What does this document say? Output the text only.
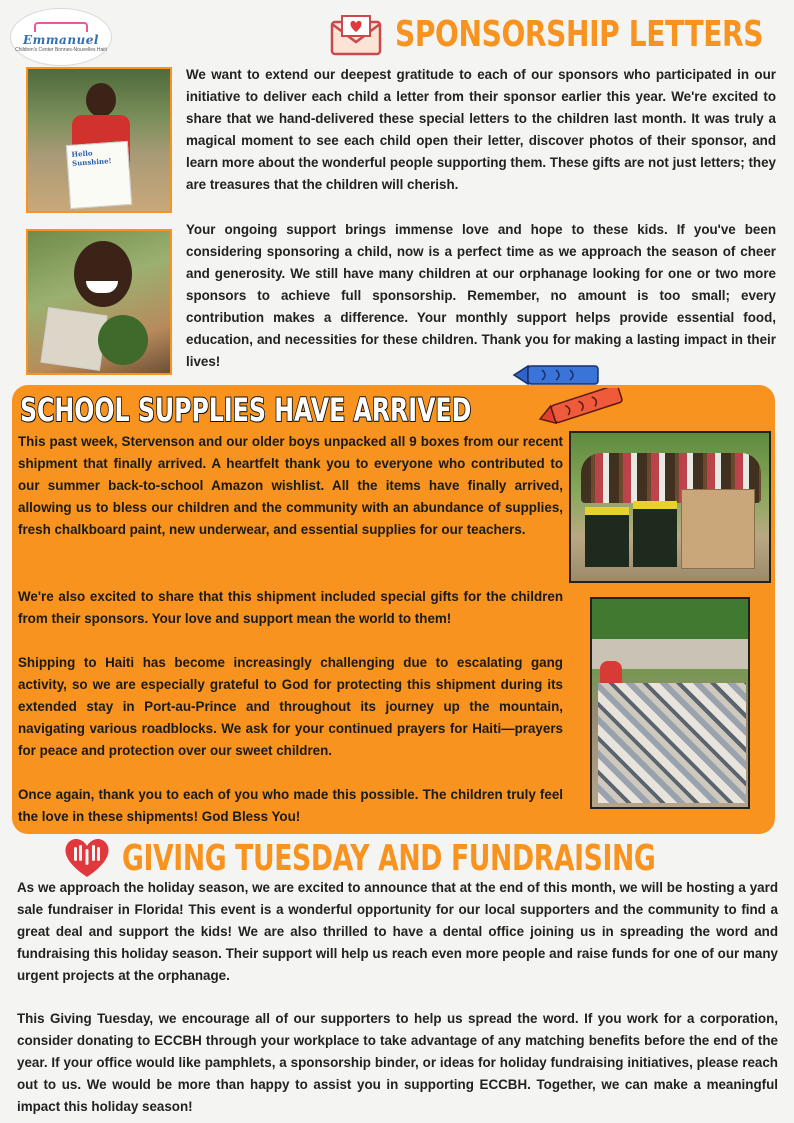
Emmanuel
Children's Center Bonnes-Nouvelles Haiti	SPONSORSHIP LETTERS
Hello Sunshine!
We want to extend our deepest gratitude to each of our sponsors who participated in our initiative to deliver each child a letter from their sponsor earlier this year. We're excited to share that we hand-delivered these special letters to the children last month. It was truly a magical moment to see each child open their letter, discover photos of their sponsor, and learn more about the wonderful people supporting them. These gifts are not just letters; they are treasures that the children will cherish.
Your ongoing support brings immense love and hope to these kids. If you've been considering sponsoring a child, now is a perfect time as we approach the season of cheer and generosity. We still have many children at our orphanage looking for one or two more sponsors to achieve full sponsorship. Remember, no amount is too small; every contribution makes a difference. Your monthly support helps provide essential food, education, and necessities for these children. Thank you for making a lasting impact in their lives!
SCHOOL SUPPLIES HAVE ARRIVED
This past week, Stervenson and our older boys unpacked all 9 boxes from our recent shipment that finally arrived. A heartfelt thank you to everyone who contributed to our summer back-to-school Amazon wishlist. All the items have finally arrived, allowing us to bless our children and the community with an abundance of supplies, fresh chalkboard paint, new underwear, and essential supplies for our teachers.
We're also excited to share that this shipment included special gifts for the children from their sponsors. Your love and support mean the world to them!
Shipping to Haiti has become increasingly challenging due to escalating gang activity, so we are especially grateful to God for protecting this shipment during its extended stay in Port-au-Prince and throughout its journey up the mountain, navigating various roadblocks. We ask for your continued prayers for Haiti—prayers for peace and protection over our sweet children.
Once again, thank you to each of you who made this possible. The children truly feel the love in these shipments! God Bless You!
GIVING TUESDAY AND FUNDRAISING
As we approach the holiday season, we are excited to announce that at the end of this month, we will be hosting a yard sale fundraiser in Florida! This event is a wonderful opportunity for our local supporters and the community to find a great deal and support the kids! We are also thrilled to have a dental office joining us in spreading the word and fundraising this holiday season. Their support will help us reach even more people and raise funds for one of our many urgent projects at the orphanage.
This Giving Tuesday, we encourage all of our supporters to help us spread the word. If you work for a corporation, consider donating to ECCBH through your workplace to take advantage of any matching benefits before the end of the year. If your office would like pamphlets, a sponsorship binder, or ideas for holiday fundraising initiatives, please reach out to us. We would be more than happy to assist you in supporting ECCBH. Together, we can make a meaningful impact this holiday season!
